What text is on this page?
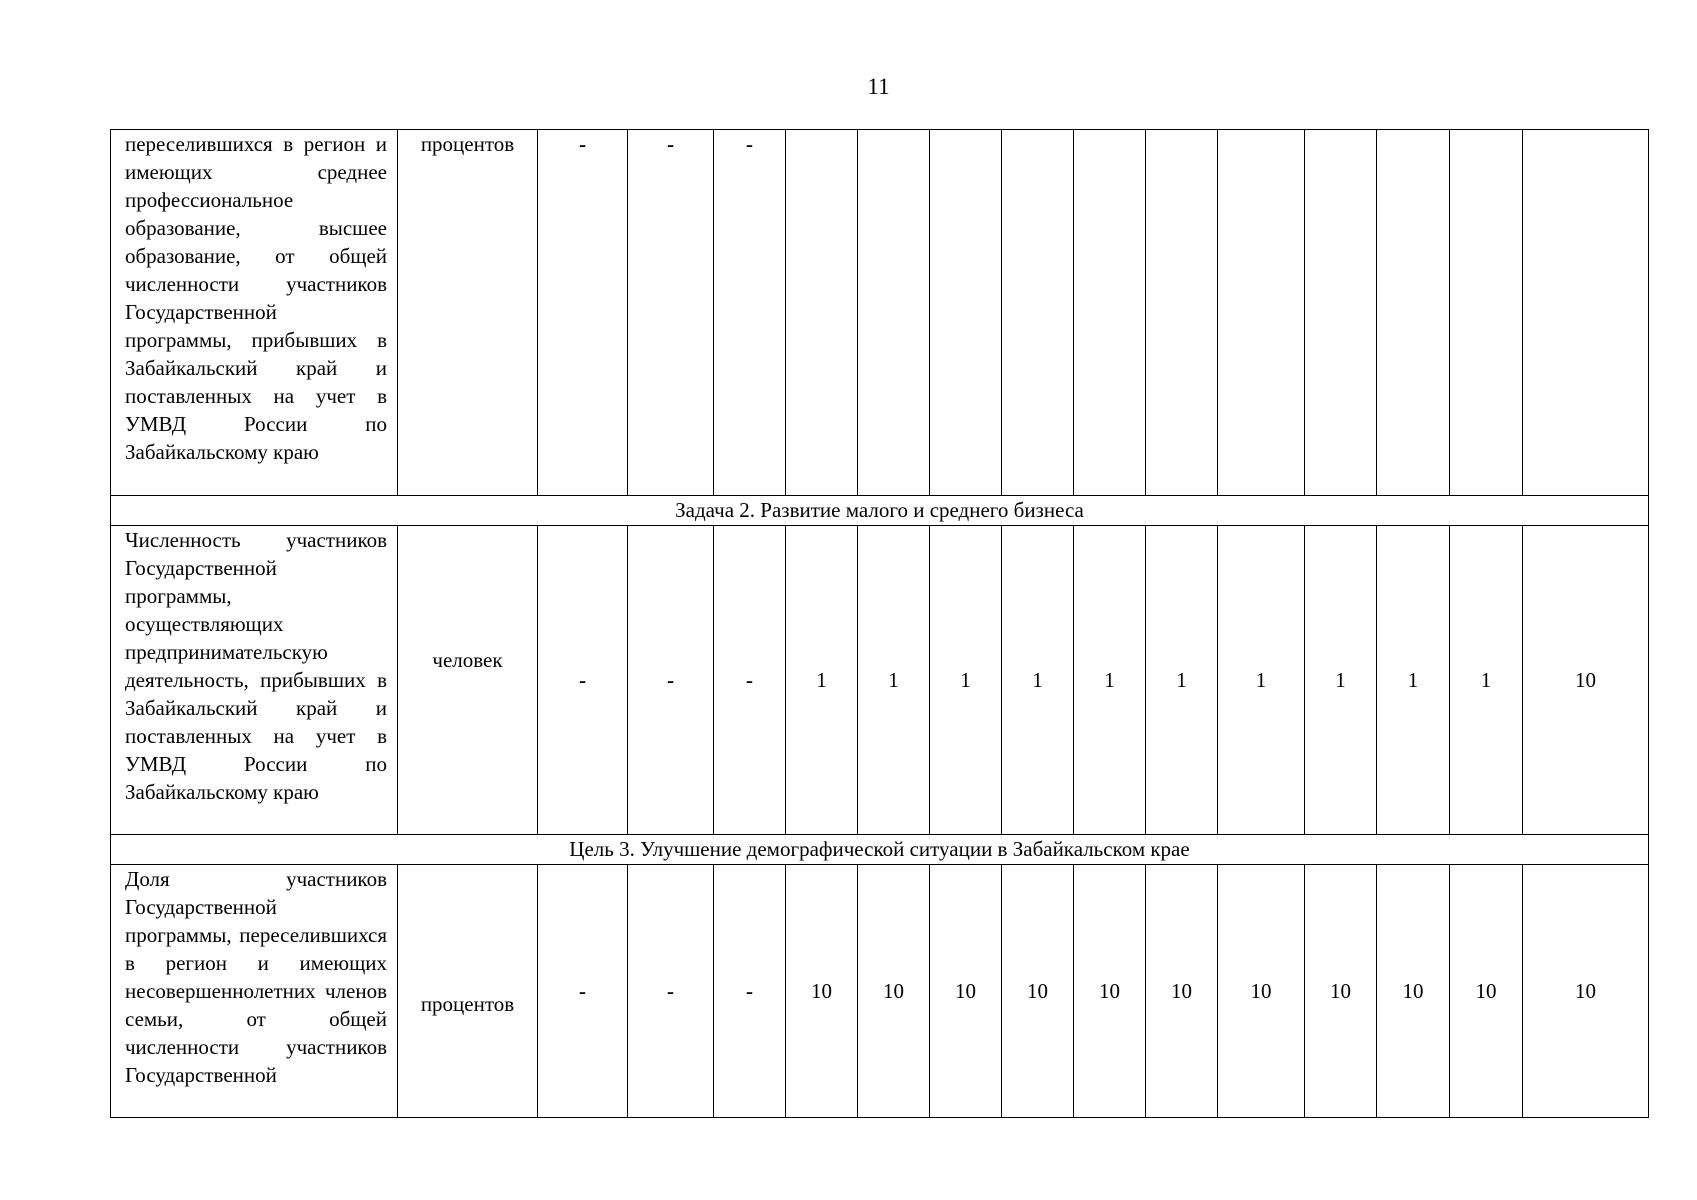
11
переселившихся в регион и имеющих среднее профессиональное образование, высшее образование, от общей численности участников Государственной программы, прибывших в Забайкальский край и поставленных на учет в УМВД России по Забайкальскому краю	процентов	-	-	-											
Задача 2. Развитие малого и среднего бизнеса															
Численность участников Государственной программы, осуществляющих предпринимательскую деятельность, прибывших в Забайкальский край и поставленных на учет в УМВД России по Забайкальскому краю	человек	-	-	-	1	1	1	1	1	1	1	1	1	1	10
Цель 3. Улучшение демографической ситуации в Забайкальском крае															
Доля участников Государственной программы, переселившихся в регион и имеющих несовершеннолетних членов семьи, от общей численности участников Государственной	процентов	-	-	-	10	10	10	10	10	10	10	10	10	10	10
